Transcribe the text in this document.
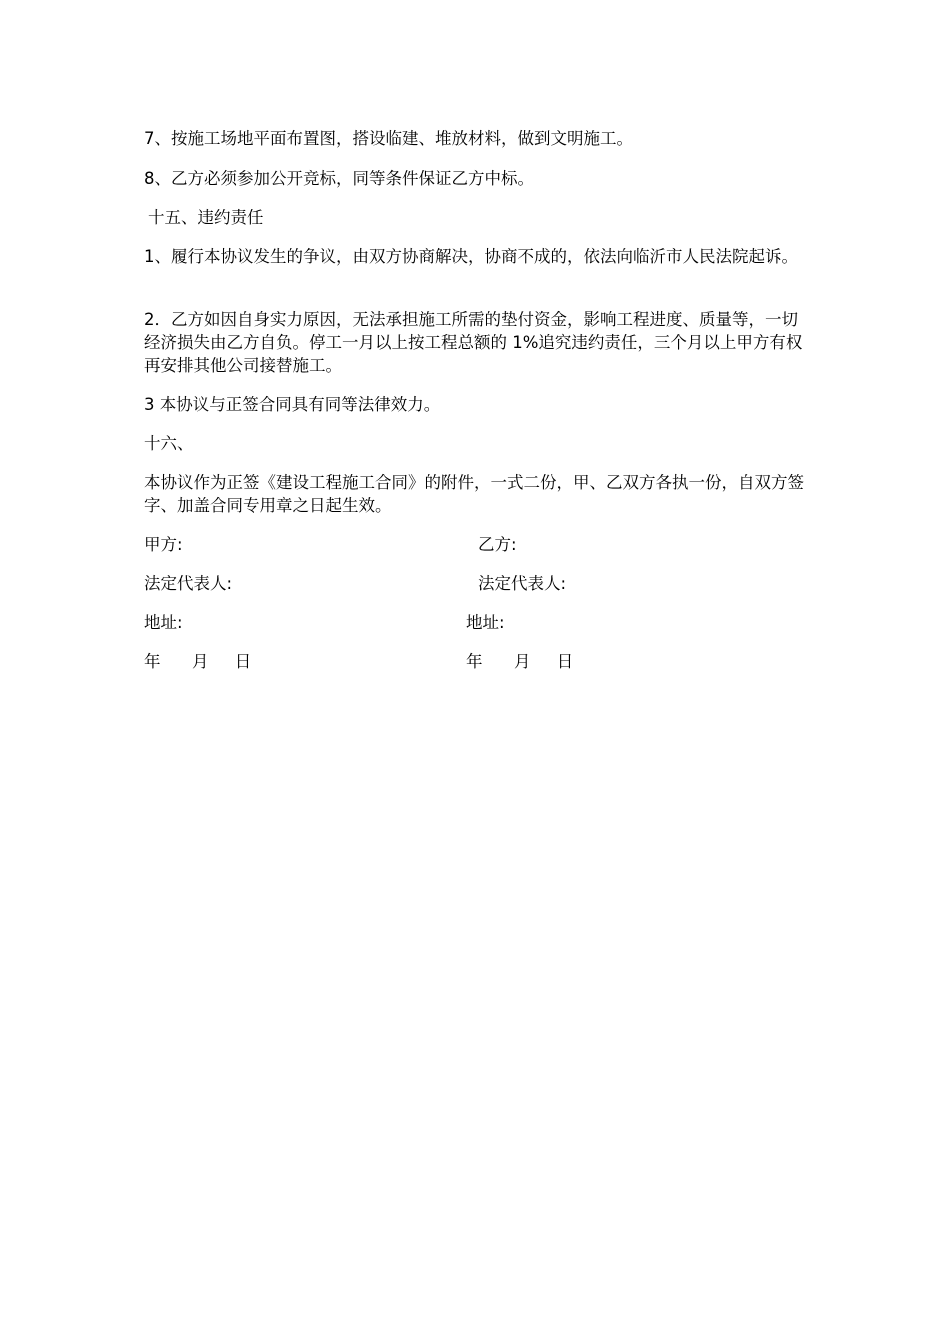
7、按施工场地平面布置图，搭设临建、堆放材料，做到文明施工。

8、乙方必须参加公开竞标，同等条件保证乙方中标。

十五、违约责任

1、履行本协议发生的争议，由双方协商解决，协商不成的，依法向临沂市人民法院起诉。

2．乙方如因自身实力原因，无法承担施工所需的垫付资金，影响工程进度、质量等，一切经济损失由乙方自负。停工一月以上按工程总额的 1%追究违约责任，三个月以上甲方有权再安排其他公司接替施工。

3 本协议与正签合同具有同等法律效力。

十六、

本协议作为正签《建设工程施工合同》的附件，一式二份，甲、乙双方各执一份，自双方签字、加盖合同专用章之日起生效。

甲方:	乙方:
法定代表人:	法定代表人:
地址:	地址:
年      月     日	年      月     日
